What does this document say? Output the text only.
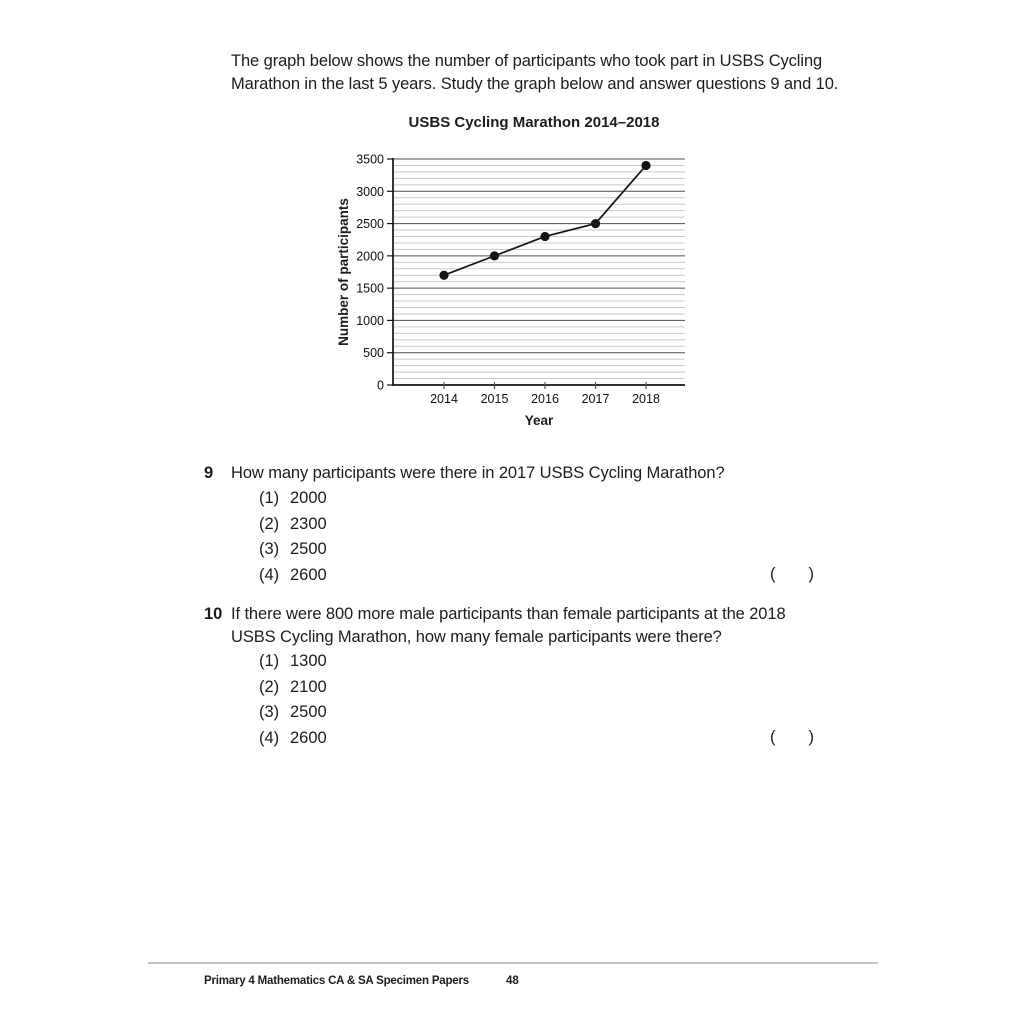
The graph below shows the number of participants who took part in USBS Cycling
Marathon in the last 5 years. Study the graph below and answer questions 9 and 10.
USBS Cycling Marathon 2014–2018
0
500
1000
1500
2000
2500
3000
3500
2014 2015 2016 2017 2018
Number of participants
Year
9 How many participants were there in 2017 USBS Cycling Marathon?
(1) 2000
(2) 2300
(3) 2500
(4) 2600	( )
10 If there were 800 more male participants than female participants at the 2018
USBS Cycling Marathon, how many female participants were there?
(1) 1300
(2) 2100
(3) 2500
(4) 2600	( )
Primary 4 Mathematics CA & SA Specimen Papers	48
